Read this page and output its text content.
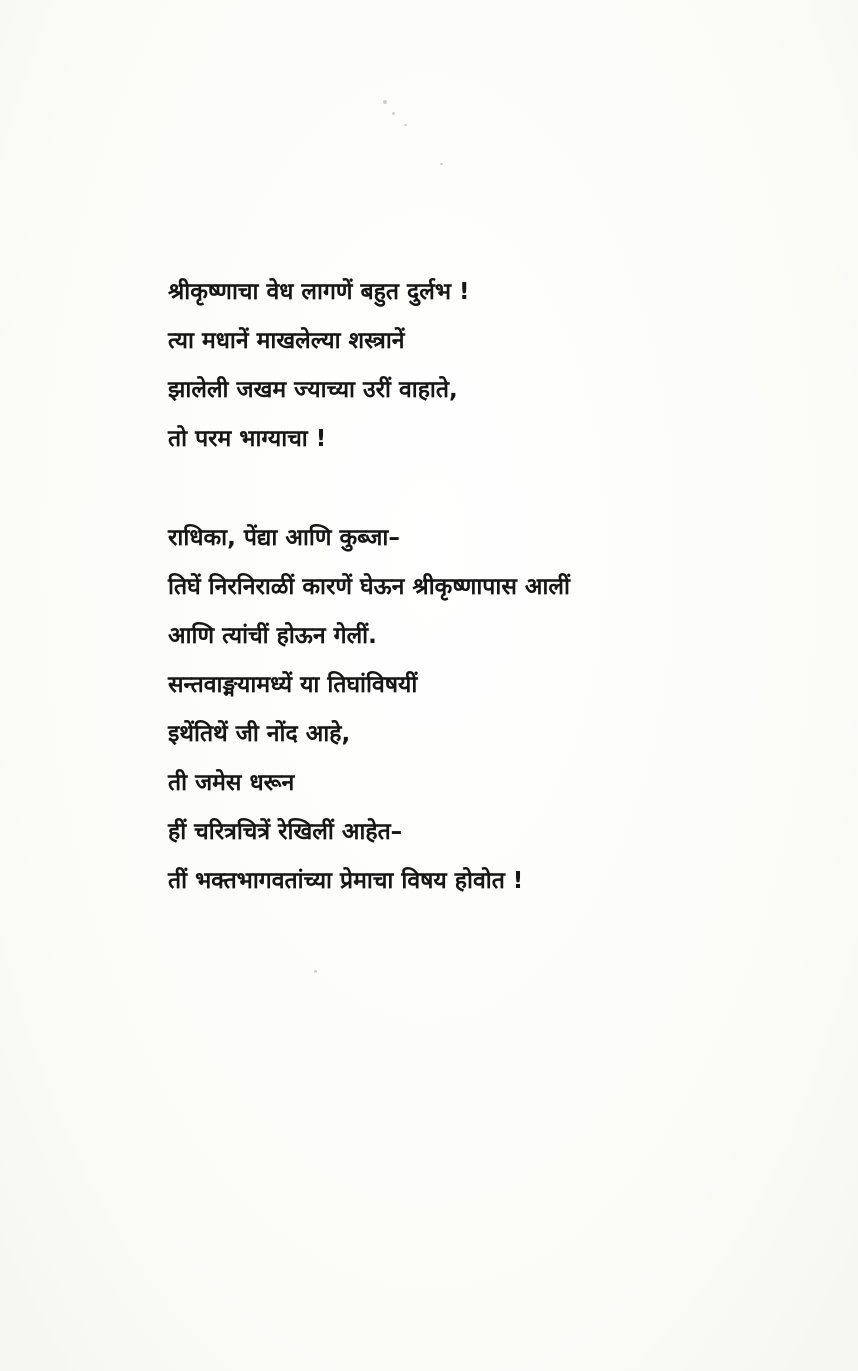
श्रीकृष्णाचा वेध लागणें बहुत दुर्लभ !
त्या मधानें माखलेल्या शस्त्रानें
झालेली जखम ज्याच्या उरीं वाहाते,
तो परम भाग्याचा !
राधिका, पेंद्या आणि कुब्जा–
तिघें निरनिराळीं कारणें घेऊन श्रीकृष्णापास आलीं
आणि त्यांचीं होऊन गेलीं.
सन्तवाङ्मयामध्यें या तिघांविषयीं
इथेंतिथें जी नोंद आहे,
ती जमेस धरून
हीं चरित्रचित्रें रेखिलीं आहेत–
तीं भक्तभागवतांच्या प्रेमाचा विषय होवोत !
